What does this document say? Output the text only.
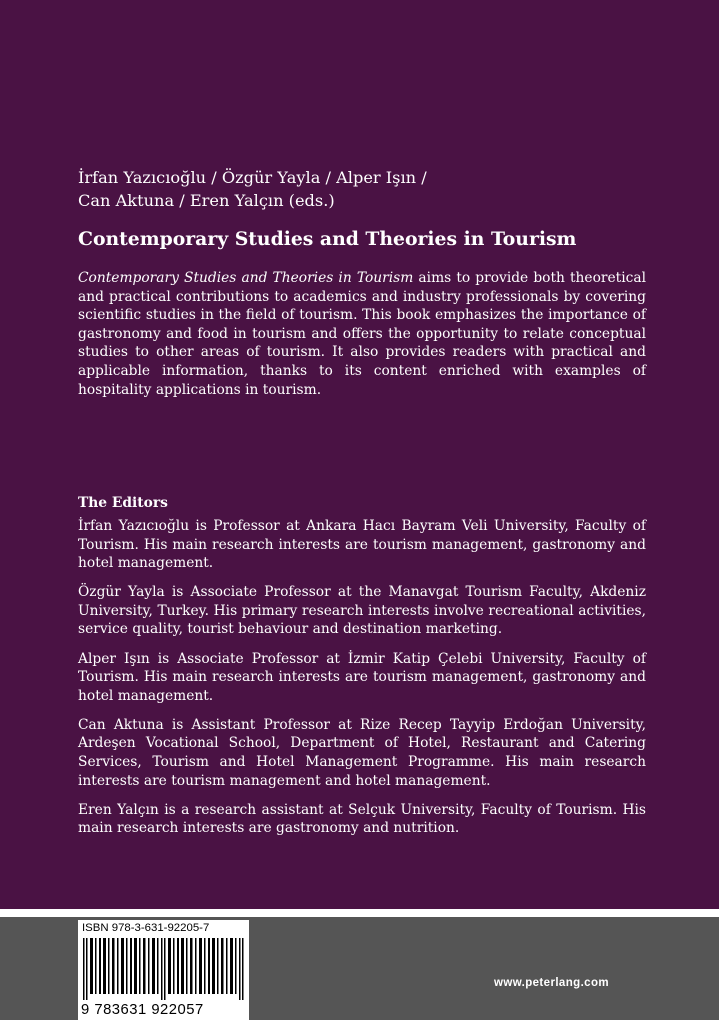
İrfan Yazıcıoğlu / Özgür Yayla / Alper Işın /
Can Aktuna / Eren Yalçın (eds.)
Contemporary Studies and Theories in Tourism
Contemporary Studies and Theories in Tourism aims to provide both theoretical and practical contributions to academics and industry professionals by covering scientific studies in the field of tourism. This book emphasizes the importance of gastronomy and food in tourism and offers the opportunity to relate conceptual studies to other areas of tourism. It also provides readers with practical and applicable information, thanks to its content enriched with examples of hospitality applications in tourism.
The Editors

İrfan Yazıcıoğlu is Professor at Ankara Hacı Bayram Veli University, Faculty of Tourism. His main research interests are tourism management, gastronomy and hotel management.

Özgür Yayla is Associate Professor at the Manavgat Tourism Faculty, Akdeniz University, Turkey. His primary research interests involve recreational activities, service quality, tourist behaviour and destination marketing.

Alper Işın is Associate Professor at İzmir Katip Çelebi University, Faculty of Tourism. His main research interests are tourism management, gastronomy and hotel management.

Can Aktuna is Assistant Professor at Rize Recep Tayyip Erdoğan University, Ardeşen Vocational School, Department of Hotel, Restaurant and Catering Services, Tourism and Hotel Management Programme. His main research interests are tourism management and hotel management.

Eren Yalçın is a research assistant at Selçuk University, Faculty of Tourism. His main research interests are gastronomy and nutrition.

ISBN 978-3-631-92205-7
9 783631 922057
www.peterlang.com
